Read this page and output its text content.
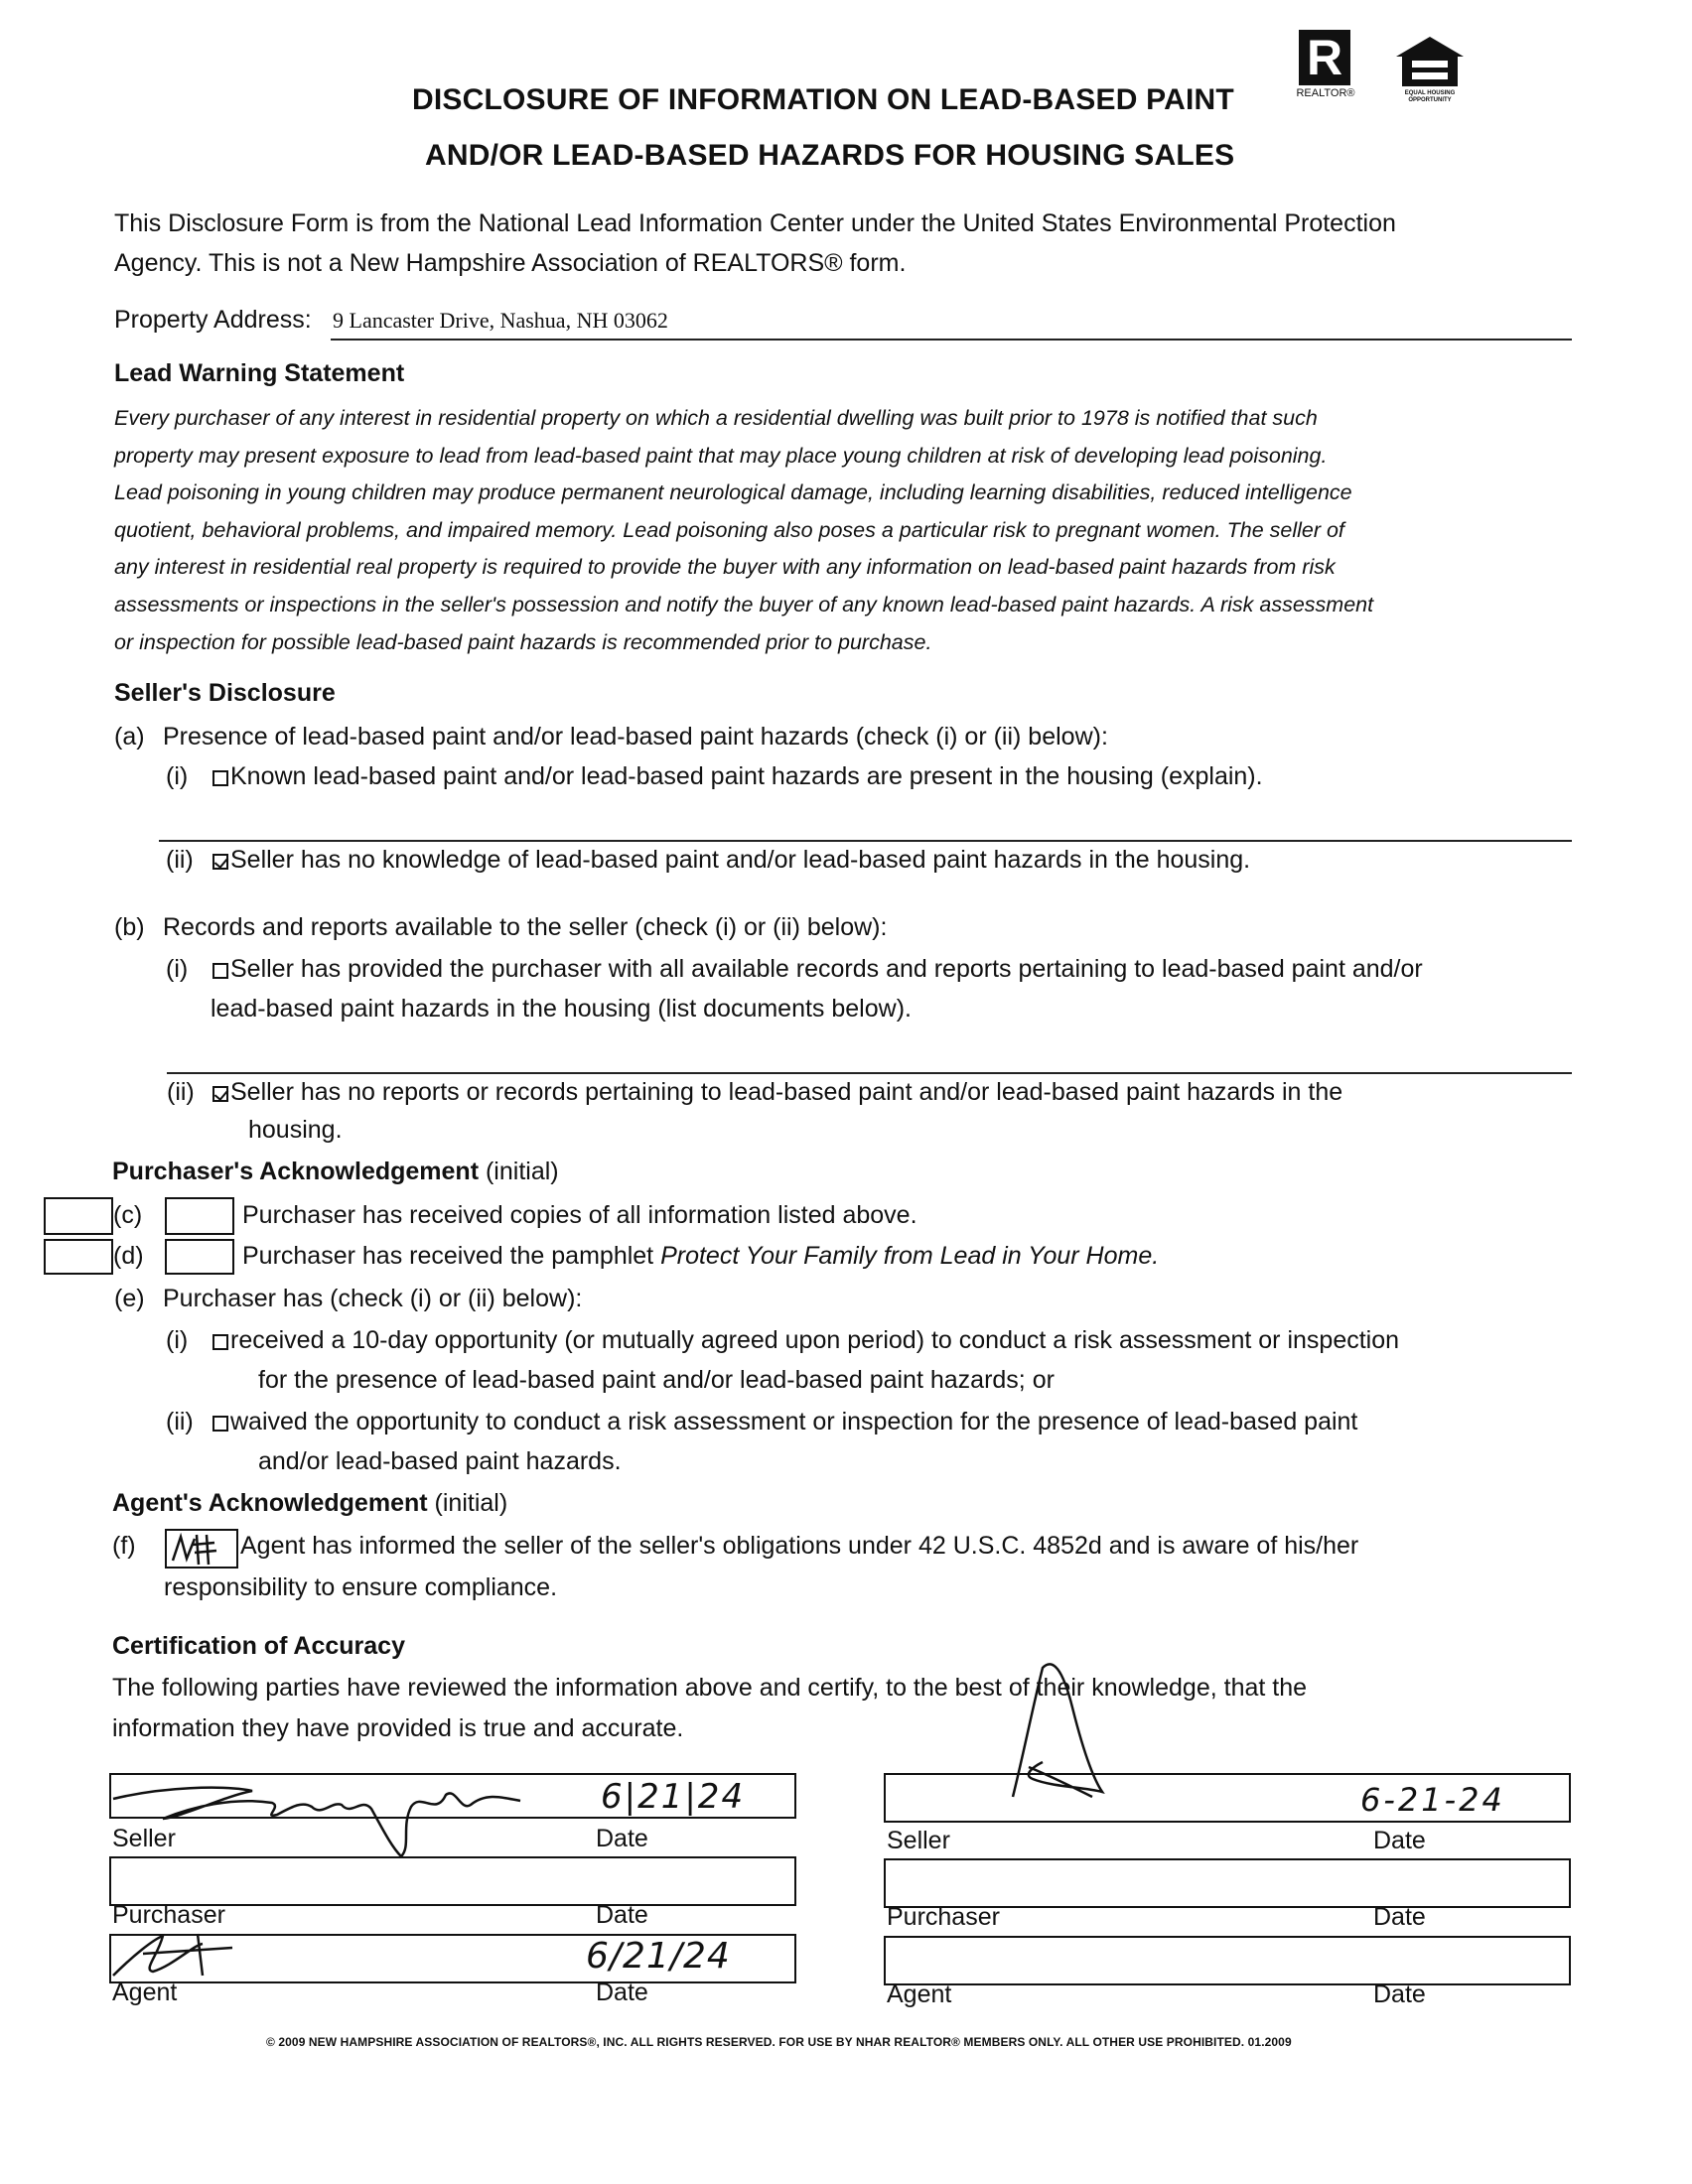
R
REALTOR®	EQUAL HOUSING OPPORTUNITY
DISCLOSURE OF INFORMATION ON LEAD-BASED PAINT
AND/OR LEAD-BASED HAZARDS FOR HOUSING SALES
This Disclosure Form is from the National Lead Information Center under the United States Environmental Protection
Agency. This is not a New Hampshire Association of REALTORS® form.
Property Address: 9 Lancaster Drive, Nashua, NH 03062
Lead Warning Statement
Every purchaser of any interest in residential property on which a residential dwelling was built prior to 1978 is notified that such
property may present exposure to lead from lead-based paint that may place young children at risk of developing lead poisoning.
Lead poisoning in young children may produce permanent neurological damage, including learning disabilities, reduced intelligence
quotient, behavioral problems, and impaired memory. Lead poisoning also poses a particular risk to pregnant women. The seller of
any interest in residential real property is required to provide the buyer with any information on lead-based paint hazards from risk
assessments or inspections in the seller's possession and notify the buyer of any known lead-based paint hazards. A risk assessment
or inspection for possible lead-based paint hazards is recommended prior to purchase.
Seller's Disclosure
(a) Presence of lead-based paint and/or lead-based paint hazards (check (i) or (ii) below):
(i)	Known lead-based paint and/or lead-based paint hazards are present in the housing (explain).
(ii)	Seller has no knowledge of lead-based paint and/or lead-based paint hazards in the housing.
(b) Records and reports available to the seller (check (i) or (ii) below):
(i)	Seller has provided the purchaser with all available records and reports pertaining to lead-based paint and/or
lead-based paint hazards in the housing (list documents below).
(ii)	Seller has no reports or records pertaining to lead-based paint and/or lead-based paint hazards in the
housing.
Purchaser's Acknowledgement (initial)
(c)	Purchaser has received copies of all information listed above.
(d)	Purchaser has received the pamphlet Protect Your Family from Lead in Your Home.
(e) Purchaser has (check (i) or (ii) below):
(i)	received a 10-day opportunity (or mutually agreed upon period) to conduct a risk assessment or inspection
for the presence of lead-based paint and/or lead-based paint hazards; or
(ii)	waived the opportunity to conduct a risk assessment or inspection for the presence of lead-based paint
and/or lead-based paint hazards.
Agent's Acknowledgement (initial)
(f)	Agent has informed the seller of the seller's obligations under 42 U.S.C. 4852d and is aware of his/her
responsibility to ensure compliance.
Certification of Accuracy
The following parties have reviewed the information above and certify, to the best of their knowledge, that the
information they have provided is true and accurate.
6|21|24
Seller	Date
Purchaser	Date
6/21/24
Agent	Date
6-21-24
Seller	Date
Purchaser	Date
Agent	Date
© 2009 NEW HAMPSHIRE ASSOCIATION OF REALTORS®, INC. ALL RIGHTS RESERVED. FOR USE BY NHAR REALTOR® MEMBERS ONLY. ALL OTHER USE PROHIBITED. 01.2009
